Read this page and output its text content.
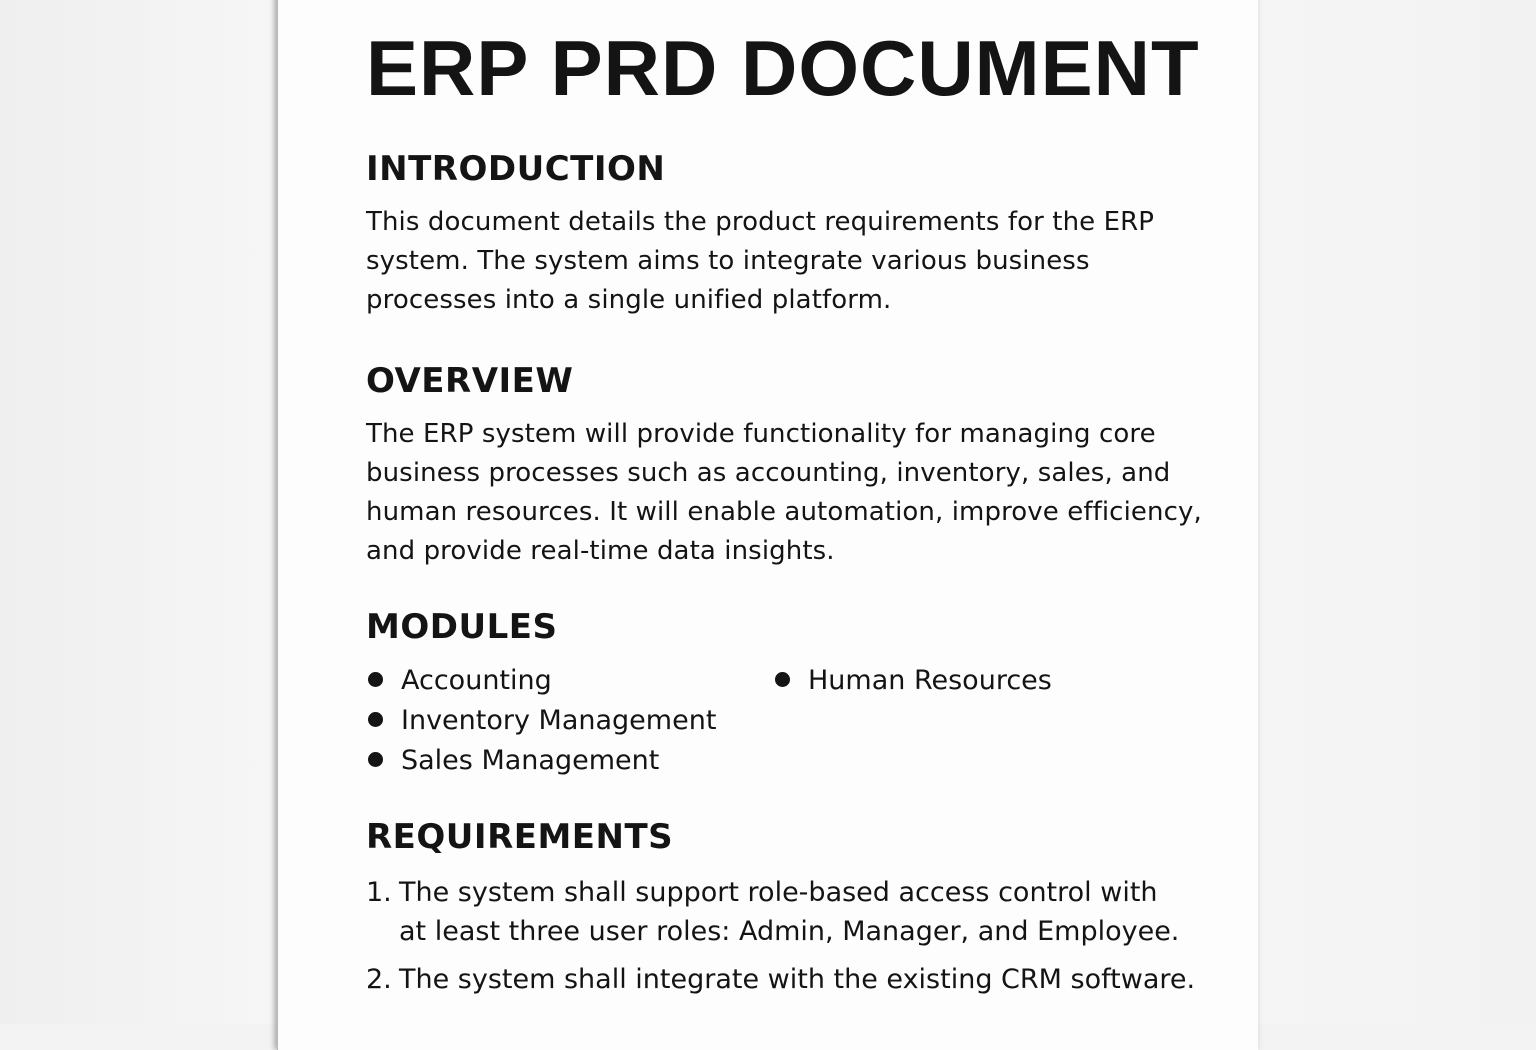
ERP PRD DOCUMENT
INTRODUCTION

This document details the product requirements for the ERP

system. The system aims to integrate various business

processes into a single unified platform.

OVERVIEW

The ERP system will provide functionality for managing core

business processes such as accounting, inventory, sales, and

human resources. It will enable automation, improve efficiency,

and provide real-time data insights.

MODULES
Accounting
Inventory Management
Sales Management
Human Resources
REQUIREMENTS
1. The system shall support role-based access control with
at least three user roles: Admin, Manager, and Employee.
2. The system shall integrate with the existing CRM software.
